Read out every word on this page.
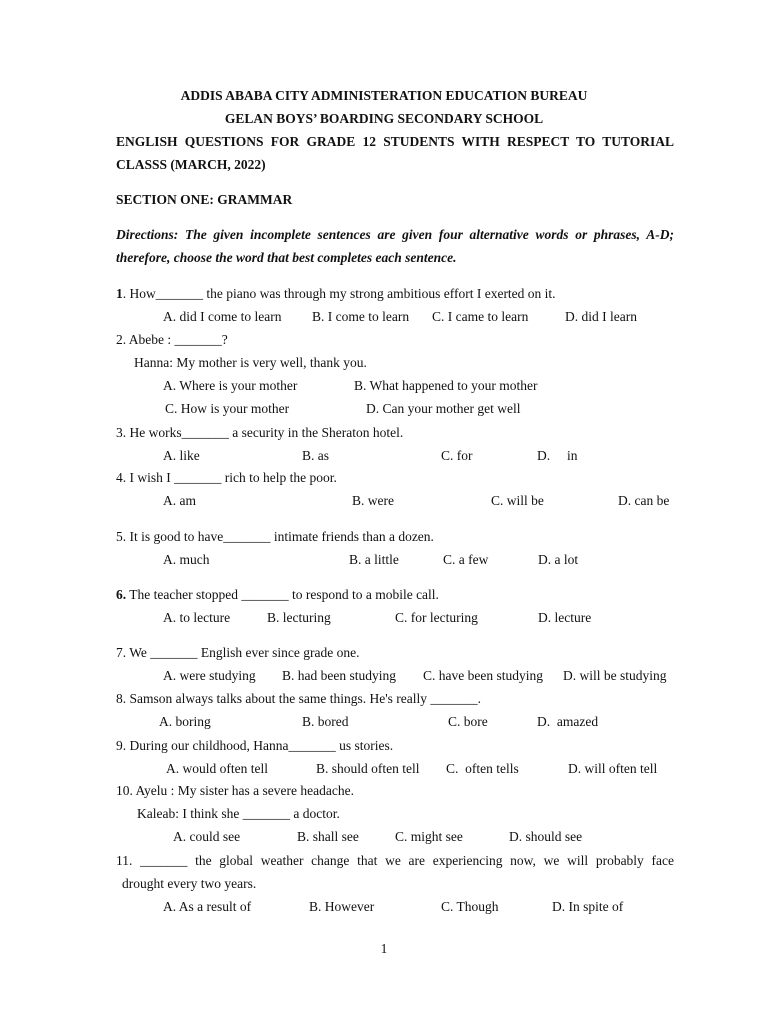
ADDIS ABABA CITY ADMINISTERATION EDUCATION BUREAU
GELAN BOYS’ BOARDING SECONDARY SCHOOL
ENGLISH QUESTIONS FOR GRADE 12 STUDENTS WITH RESPECT TO TUTORIAL
CLASSS (MARCH, 2022)
SECTION ONE: GRAMMAR
Directions: The given incomplete sentences are given four alternative words or phrases, A-D;
therefore, choose the word that best completes each sentence.
1. How_______ the piano was through my strong ambitious effort I exerted on it.
A. did I come to learn B. I come to learn C. I came to learn	D. did I learn
2. Abebe : _______?
Hanna: My mother is very well, thank you.
A. Where is your mother	B. What happened to your mother
C. How is your mother	D. Can your mother get well
3. He works_______ a security in the Sheraton hotel.
A. like	B. as	C. for	D.     in
4. I wish I _______ rich to help the poor.
A. am	B. were	C. will be	D. can be
5. It is good to have_______ intimate friends than a dozen.
A. much	B. a little	C. a few	D. a lot
6. The teacher stopped _______ to respond to a mobile call.
A. to lecture	B. lecturing	C. for lecturing	D. lecture
7. We _______ English ever since grade one.
A. were studying B. had been studying C. have been studying D. will be studying
8. Samson always talks about the same things. He's really _______.
A. boring	B. bored	C. bore	D.  amazed
9. During our childhood, Hanna_______ us stories.
A. would often tell	B. should often tell C.  often tells	D. will often tell
10. Ayelu : My sister has a severe headache.
Kaleab: I think she _______ a doctor.
A. could see	B. shall see	C. might see	D. should see
11. _______ the global weather change that we are experiencing now, we will probably face
drought every two years.
A. As a result of	B. However	C. Though	D. In spite of
1
